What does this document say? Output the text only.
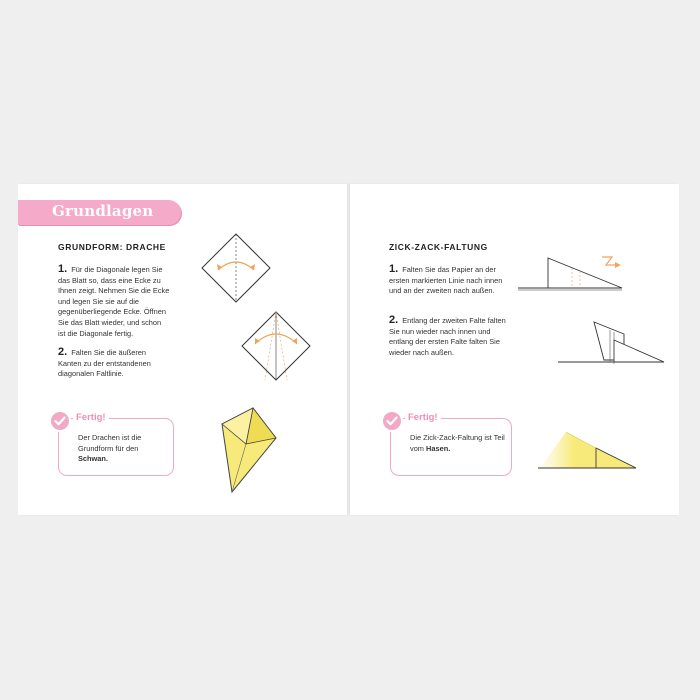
Grundlagen
GRUNDFORM: DRACHE
1. Für die Diagonale legen Sie das Blatt so, dass eine Ecke zu Ihnen zeigt. Nehmen Sie die Ecke und legen Sie sie auf die gegenüberliegende Ecke. Öffnen Sie das Blatt wieder, und schon ist die Diagonale fertig.
2. Falten Sie die äußeren Kanten zu der entstandenen diagonalen Faltlinie.
Der Drachen ist die Grundform für den Schwan.
Fertig!
ZICK-ZACK-FALTUNG
1. Falten Sie das Papier an der ersten markierten Linie nach innen und an der zweiten nach außen.
2. Entlang der zweiten Falte falten Sie nun wieder nach innen und entlang der ersten Falte falten Sie wieder nach außen.
Die Zick-Zack-Faltung ist Teil vom Hasen.
Fertig!
